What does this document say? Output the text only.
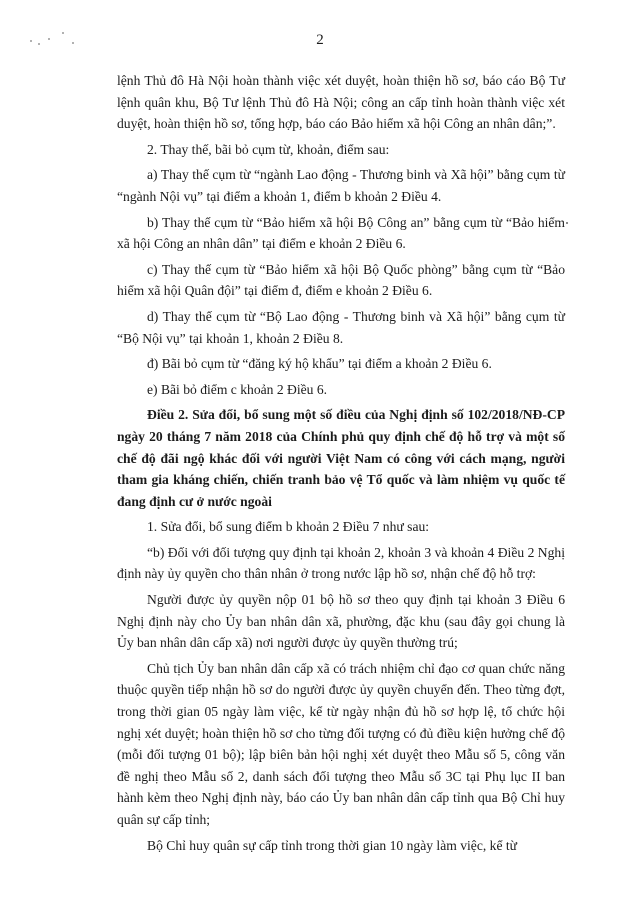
2

lệnh Thủ đô Hà Nội hoàn thành việc xét duyệt, hoàn thiện hồ sơ, báo cáo Bộ Tư lệnh quân khu, Bộ Tư lệnh Thủ đô Hà Nội; công an cấp tỉnh hoàn thành việc xét duyệt, hoàn thiện hồ sơ, tổng hợp, báo cáo Bảo hiểm xã hội Công an nhân dân;”.

2. Thay thế, bãi bỏ cụm từ, khoản, điểm sau:

a) Thay thế cụm từ “ngành Lao động - Thương binh và Xã hội” bằng cụm từ “ngành Nội vụ” tại điểm a khoản 1, điểm b khoản 2 Điều 4.

b) Thay thế cụm từ “Bảo hiểm xã hội Bộ Công an” bằng cụm từ “Bảo hiểm xã hội Công an nhân dân” tại điểm e khoản 2 Điều 6.

c) Thay thế cụm từ “Bảo hiểm xã hội Bộ Quốc phòng” bằng cụm từ “Bảo hiểm xã hội Quân đội” tại điểm đ, điểm e khoản 2 Điều 6.

d) Thay thế cụm từ “Bộ Lao động - Thương binh và Xã hội” bằng cụm từ “Bộ Nội vụ” tại khoản 1, khoản 2 Điều 8.

đ) Bãi bỏ cụm từ “đăng ký hộ khẩu” tại điểm a khoản 2 Điều 6.

e) Bãi bỏ điểm c khoản 2 Điều 6.

Điều 2. Sửa đổi, bổ sung một số điều của Nghị định số 102/2018/NĐ-CP ngày 20 tháng 7 năm 2018 của Chính phủ quy định chế độ hỗ trợ và một số chế độ đãi ngộ khác đối với người Việt Nam có công với cách mạng, người tham gia kháng chiến, chiến tranh bảo vệ Tổ quốc và làm nhiệm vụ quốc tế đang định cư ở nước ngoài

1. Sửa đổi, bổ sung điểm b khoản 2 Điều 7 như sau:

“b) Đối với đối tượng quy định tại khoản 2, khoản 3 và khoản 4 Điều 2 Nghị định này ủy quyền cho thân nhân ở trong nước lập hồ sơ, nhận chế độ hỗ trợ:

Người được ủy quyền nộp 01 bộ hồ sơ theo quy định tại khoản 3 Điều 6 Nghị định này cho Ủy ban nhân dân xã, phường, đặc khu (sau đây gọi chung là Ủy ban nhân dân cấp xã) nơi người được ủy quyền thường trú;

Chủ tịch Ủy ban nhân dân cấp xã có trách nhiệm chỉ đạo cơ quan chức năng thuộc quyền tiếp nhận hồ sơ do người được ủy quyền chuyển đến. Theo từng đợt, trong thời gian 05 ngày làm việc, kể từ ngày nhận đủ hồ sơ hợp lệ, tổ chức hội nghị xét duyệt; hoàn thiện hồ sơ cho từng đối tượng có đủ điều kiện hưởng chế độ (mỗi đối tượng 01 bộ); lập biên bản hội nghị xét duyệt theo Mẫu số 5, công văn đề nghị theo Mẫu số 2, danh sách đối tượng theo Mẫu số 3C tại Phụ lục II ban hành kèm theo Nghị định này, báo cáo Ủy ban nhân dân cấp tỉnh qua Bộ Chỉ huy quân sự cấp tỉnh;

Bộ Chỉ huy quân sự cấp tỉnh trong thời gian 10 ngày làm việc, kể từ
